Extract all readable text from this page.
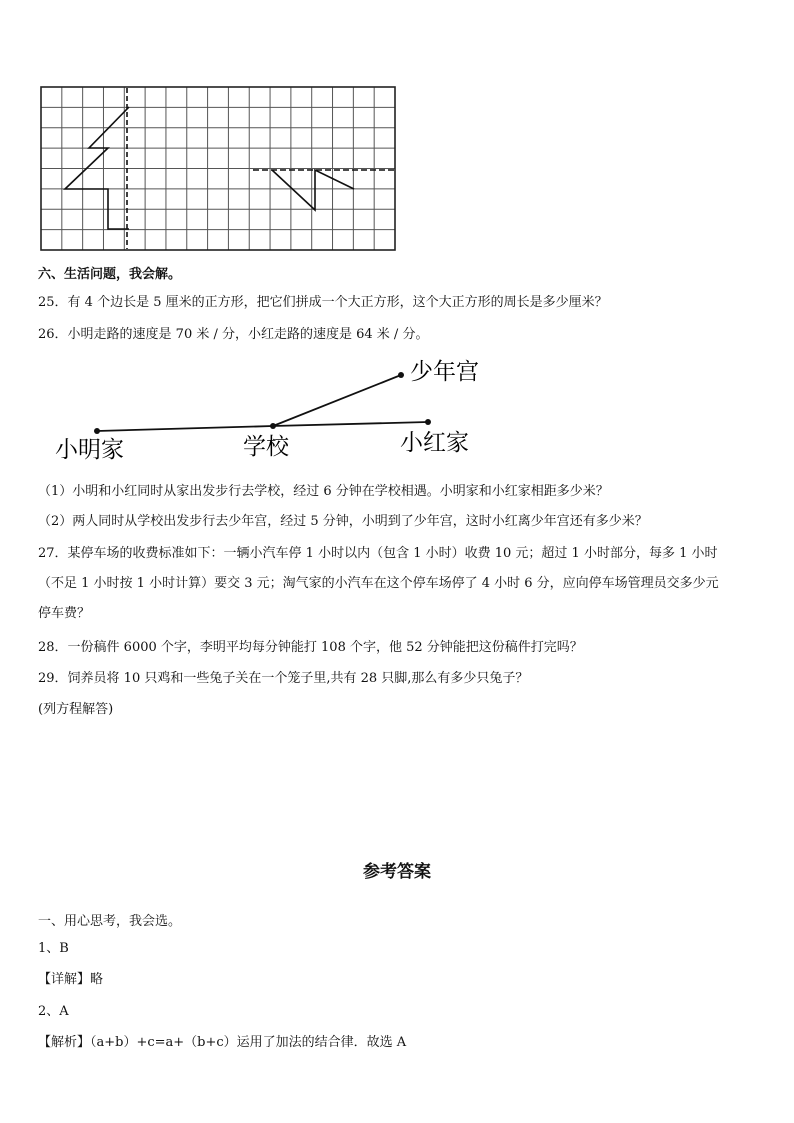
六、生活问题，我会解。
25．有 4 个边长是 5 厘米的正方形，把它们拼成一个大正方形，这个大正方形的周长是多少厘米？
26．小明走路的速度是 70 米 / 分，小红走路的速度是 64 米 / 分。
小明家	学校	小红家
少年宫
（1）小明和小红同时从家出发步行去学校，经过 6 分钟在学校相遇。小明家和小红家相距多少米？
（2）两人同时从学校出发步行去少年宫，经过 5 分钟，小明到了少年宫，这时小红离少年宫还有多少米？
27．某停车场的收费标准如下：一辆小汽车停 1 小时以内（包含 1 小时）收费 10 元；超过 1 小时部分，每多 1 小时
（不足 1 小时按 1 小时计算）要交 3 元；淘气家的小汽车在这个停车场停了 4 小时 6 分，应向停车场管理员交多少元
停车费？
28．一份稿件 6000 个字，李明平均每分钟能打 108 个字，他 52 分钟能把这份稿件打完吗？
29．饲养员将 10 只鸡和一些兔子关在一个笼子里,共有 28 只脚,那么有多少只兔子？
(列方程解答)
参考答案
一、用心思考，我会选。
1、B
【详解】略
2、A
【解析】（a+b）+c=a+（b+c）运用了加法的结合律．故选 A
